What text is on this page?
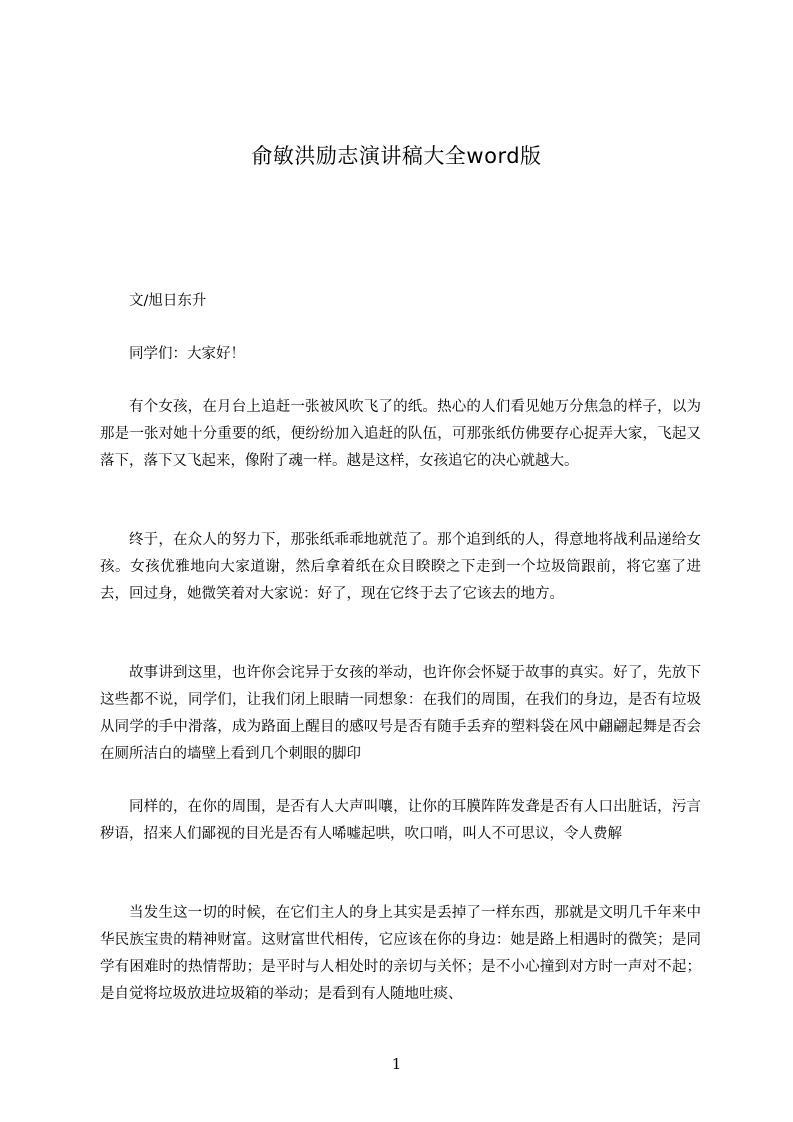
俞敏洪励志演讲稿大全word版

文/旭日东升

同学们：大家好！

有个女孩，在月台上追赶一张被风吹飞了的纸。热心的人们看见她万分焦急的样子，以为那是一张对她十分重要的纸，便纷纷加入追赶的队伍，可那张纸仿佛要存心捉弄大家，飞起又落下，落下又飞起来，像附了魂一样。越是这样，女孩追它的决心就越大。

终于，在众人的努力下，那张纸乖乖地就范了。那个追到纸的人，得意地将战利品递给女孩。女孩优雅地向大家道谢，然后拿着纸在众目睽睽之下走到一个垃圾筒跟前，将它塞了进去，回过身，她微笑着对大家说：好了，现在它终于去了它该去的地方。

故事讲到这里，也许你会诧异于女孩的举动，也许你会怀疑于故事的真实。好了，先放下这些都不说，同学们，让我们闭上眼睛一同想象：在我们的周围，在我们的身边，是否有垃圾从同学的手中滑落，成为路面上醒目的感叹号是否有随手丢弃的塑料袋在风中翩翩起舞是否会在厕所洁白的墙壁上看到几个刺眼的脚印

同样的，在你的周围，是否有人大声叫嚷，让你的耳膜阵阵发聋是否有人口出脏话，污言秽语，招来人们鄙视的目光是否有人唏嘘起哄，吹口哨，叫人不可思议，令人费解

当发生这一切的时候，在它们主人的身上其实是丢掉了一样东西，那就是文明几千年来中华民族宝贵的精神财富。这财富世代相传，它应该在你的身边：她是路上相遇时的微笑；是同学有困难时的热情帮助；是平时与人相处时的亲切与关怀；是不小心撞到对方时一声对不起；是自觉将垃圾放进垃圾箱的举动；是看到有人随地吐痰、

1
